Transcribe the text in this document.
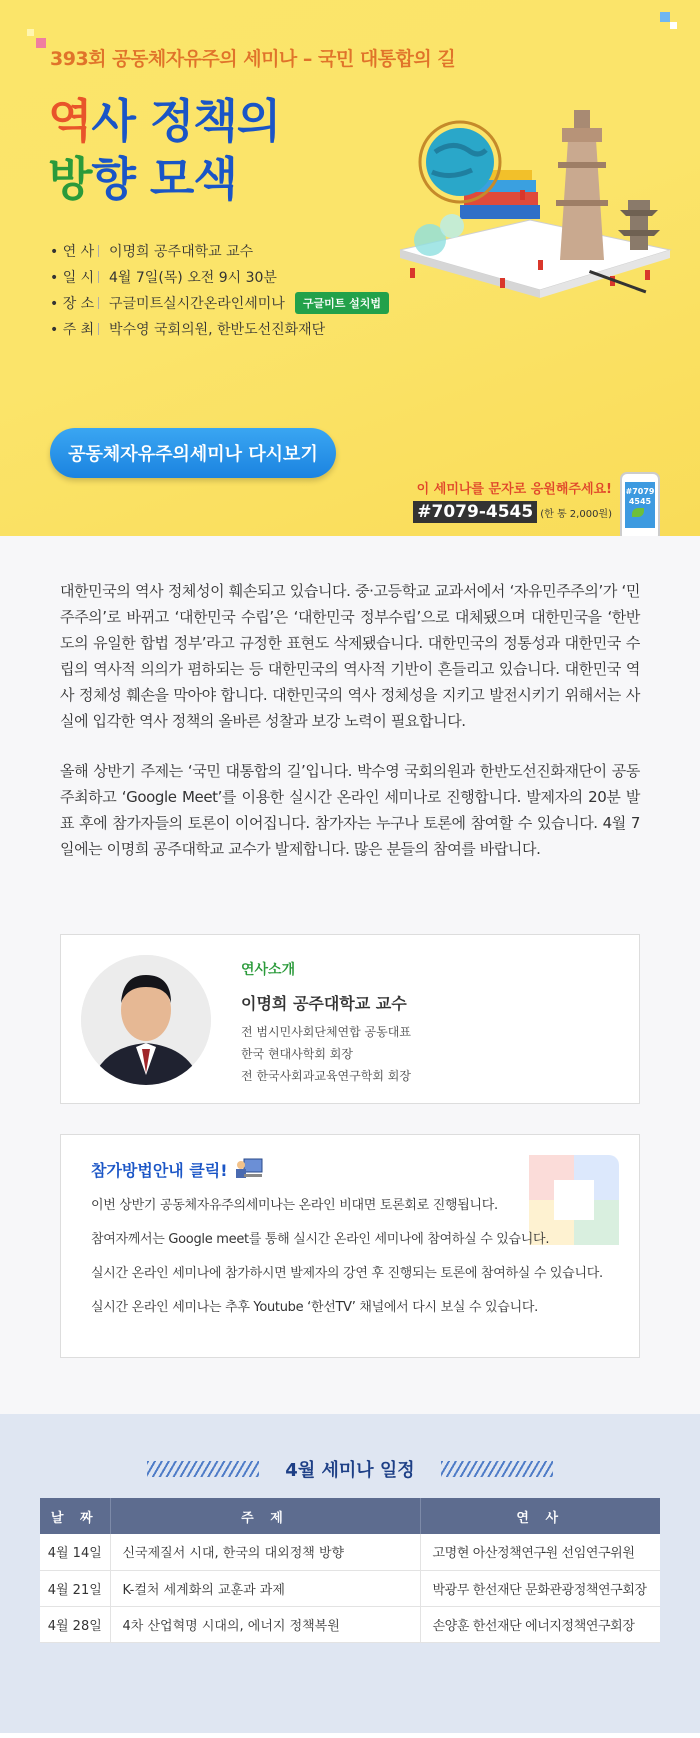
393회 공동체자유주의 세미나 – 국민 대통합의 길
역사 정책의
방향 모색
• 연 사 이명희 공주대학교 교수
• 일 시 4월 7일(목) 오전 9시 30분
• 장 소 구글미트실시간온라인세미나	구글미트 설치법
• 주 최 박수영 국회의원, 한반도선진화재단
공동체자유주의세미나 다시보기
이 세미나를 문자로 응원해주세요!
#7079-4545 (한 통 2,000원)
#7079
4545

대한민국의 역사 정체성이 훼손되고 있습니다. 중·고등학교 교과서에서 ‘자유민주주의’가 ‘민주주의’로 바뀌고 ‘대한민국 수립’은 ‘대한민국 정부수립’으로 대체됐으며 대한민국을 ‘한반도의 유일한 합법 정부’라고 규정한 표현도 삭제됐습니다. 대한민국의 정통성과 대한민국 수립의 역사적 의의가 폄하되는 등 대한민국의 역사적 기반이 흔들리고 있습니다. 대한민국 역사 정체성 훼손을 막아야 합니다. 대한민국의 역사 정체성을 지키고 발전시키기 위해서는 사실에 입각한 역사 정책의 올바른 성찰과 보강 노력이 필요합니다.

올해 상반기 주제는 ‘국민 대통합의 길’입니다. 박수영 국회의원과 한반도선진화재단이 공동 주최하고 ‘Google Meet’를 이용한 실시간 온라인 세미나로 진행합니다. 발제자의 20분 발표 후에 참가자들의 토론이 이어집니다. 참가자는 누구나 토론에 참여할 수 있습니다. 4월 7일에는 이명희 공주대학교 교수가 발제합니다. 많은 분들의 참여를 바랍니다.

연사소개
이명희 공주대학교 교수
전 범시민사회단체연합 공동대표
한국 현대사학회 회장
전 한국사회과교육연구학회 회장
참가방법안내 클릭!
이번 상반기 공동체자유주의세미나는 온라인 비대면 토론회로 진행됩니다.
참여자께서는 Google meet를 통해 실시간 온라인 세미나에 참여하실 수 있습니다.
실시간 온라인 세미나에 참가하시면 발제자의 강연 후 진행되는 토론에 참여하실 수 있습니다.
실시간 온라인 세미나는 추후 Youtube ‘한선TV’ 채널에서 다시 보실 수 있습니다.
4월 세미나 일정
날 짜	주 제	연 사
4월 14일	신국제질서 시대, 한국의 대외정책 방향	고명현 아산정책연구원 선임연구위원
4월 21일	K-컬처 세계화의 교훈과 과제	박광무 한선재단 문화관광정책연구회장
4월 28일	4차 산업혁명 시대의, 에너지 정책복원	손양훈 한선재단 에너지정책연구회장
